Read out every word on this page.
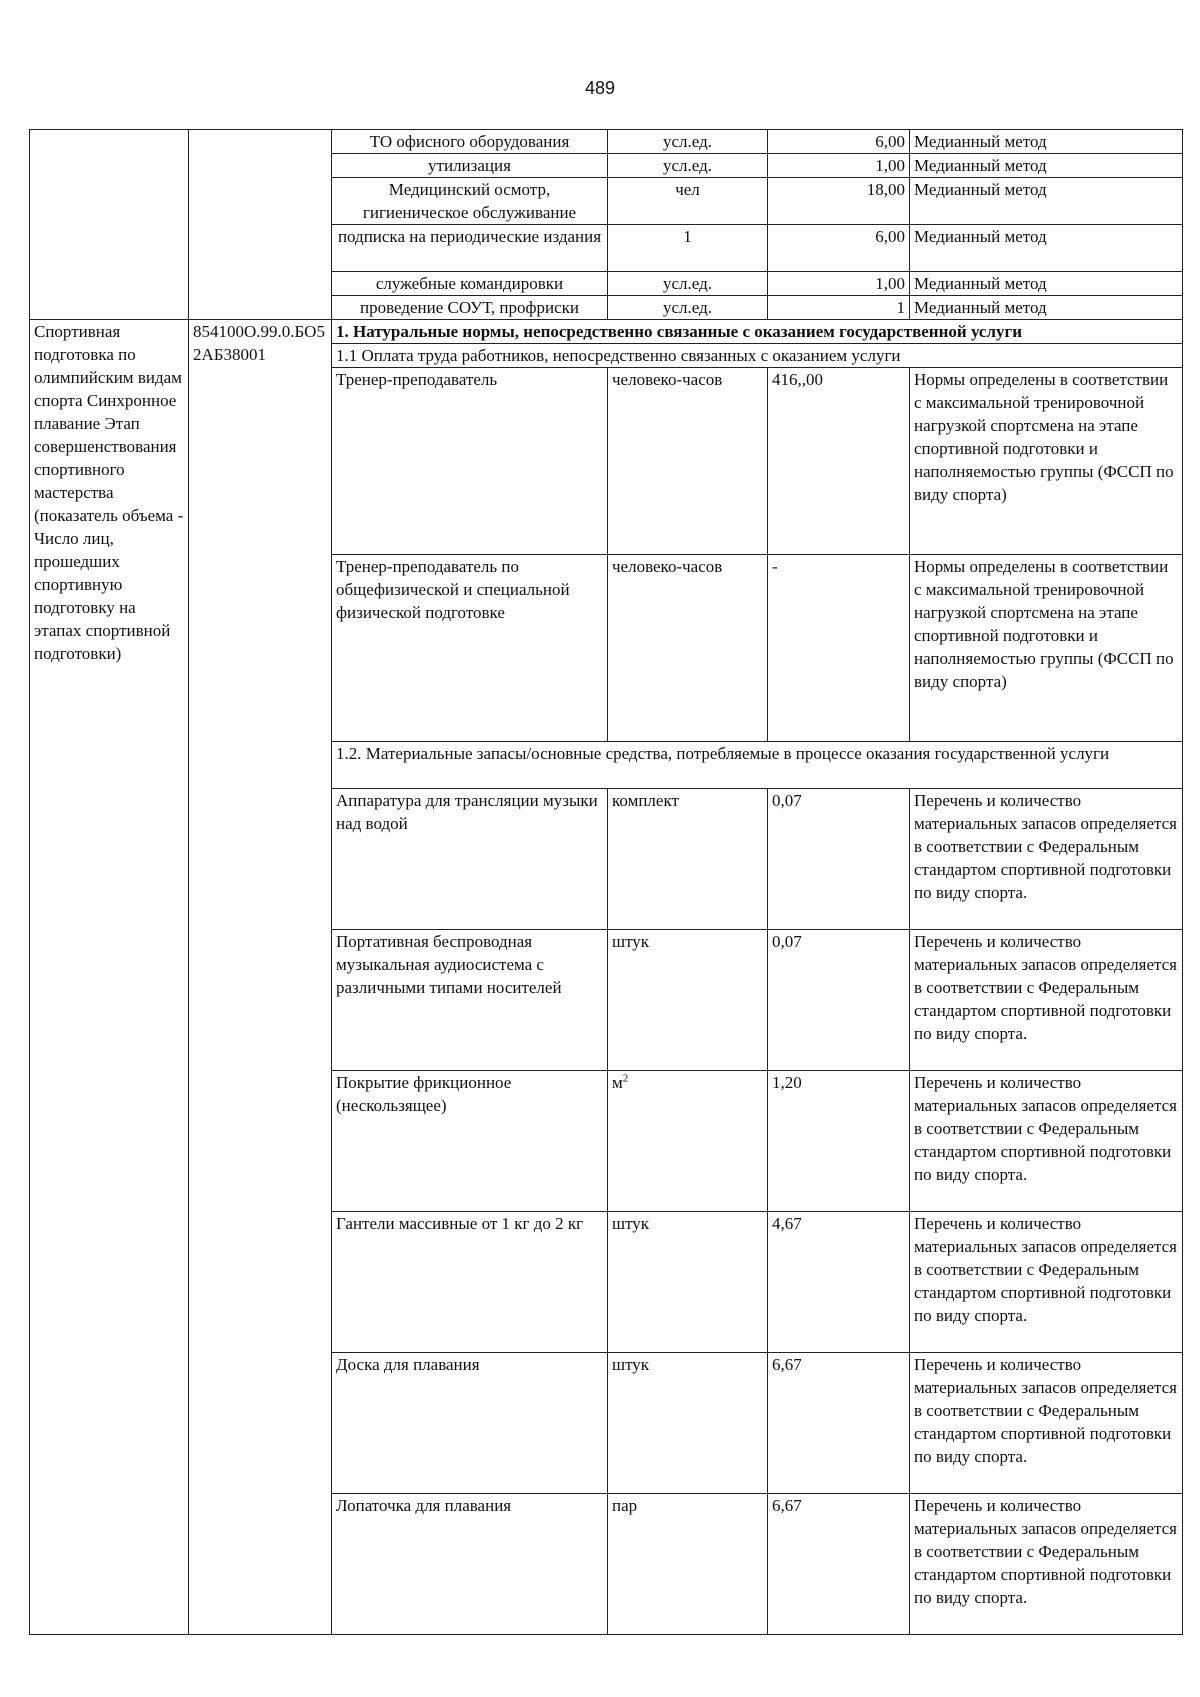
489
		ТО офисного оборудования	усл.ед.	6,00	Медианный метод
		утилизация	усл.ед.	1,00	Медианный метод
		Медицинский осмотр, гигиеническое обслуживание	чел	18,00	Медианный метод
		подписка на периодические издания	1	6,00	Медианный метод
		служебные командировки	усл.ед.	1,00	Медианный метод
		проведение СОУТ, профриски	усл.ед.	1	Медианный метод
Спортивная подготовка по олимпийским видам спорта Синхронное плавание Этап совершенствования спортивного мастерства (показатель объема - Число лиц, прошедших спортивную подготовку на этапах спортивной подготовки)	854100О.99.0.БО52АБ38001	1. Натуральные нормы, непосредственно связанные с оказанием государственной услуги			
		1.1 Оплата труда работников, непосредственно связанных с оказанием услуги			
		Тренер-преподаватель	человеко-часов	416,,00	Нормы определены в соответствии с максимальной тренировочной нагрузкой спортсмена на этапе спортивной подготовки и наполняемостью группы (ФССП по виду спорта)
		Тренер-преподаватель по общефизической и специальной физической подготовке	человеко-часов	-	Нормы определены в соответствии с максимальной тренировочной нагрузкой спортсмена на этапе спортивной подготовки и наполняемостью группы (ФССП по виду спорта)
		1.2. Материальные запасы/основные средства, потребляемые в процессе оказания государственной услуги			
		Аппаратура для трансляции музыки над водой	комплект	0,07	Перечень и количество материальных запасов определяется в соответствии с Федеральным стандартом спортивной подготовки по виду спорта.
		Портативная беспроводная музыкальная аудиосистема с различными типами носителей	штук	0,07	Перечень и количество материальных запасов определяется в соответствии с Федеральным стандартом спортивной подготовки по виду спорта.
		Покрытие фрикционное (нескользящее)	$м^2$	1,20	Перечень и количество материальных запасов определяется в соответствии с Федеральным стандартом спортивной подготовки по виду спорта.
		Гантели массивные от 1 кг до 2 кг	штук	4,67	Перечень и количество материальных запасов определяется в соответствии с Федеральным стандартом спортивной подготовки по виду спорта.
		Доска для плавания	штук	6,67	Перечень и количество материальных запасов определяется в соответствии с Федеральным стандартом спортивной подготовки по виду спорта.
		Лопаточка для плавания	пар	6,67	Перечень и количество материальных запасов определяется в соответствии с Федеральным стандартом спортивной подготовки по виду спорта.
